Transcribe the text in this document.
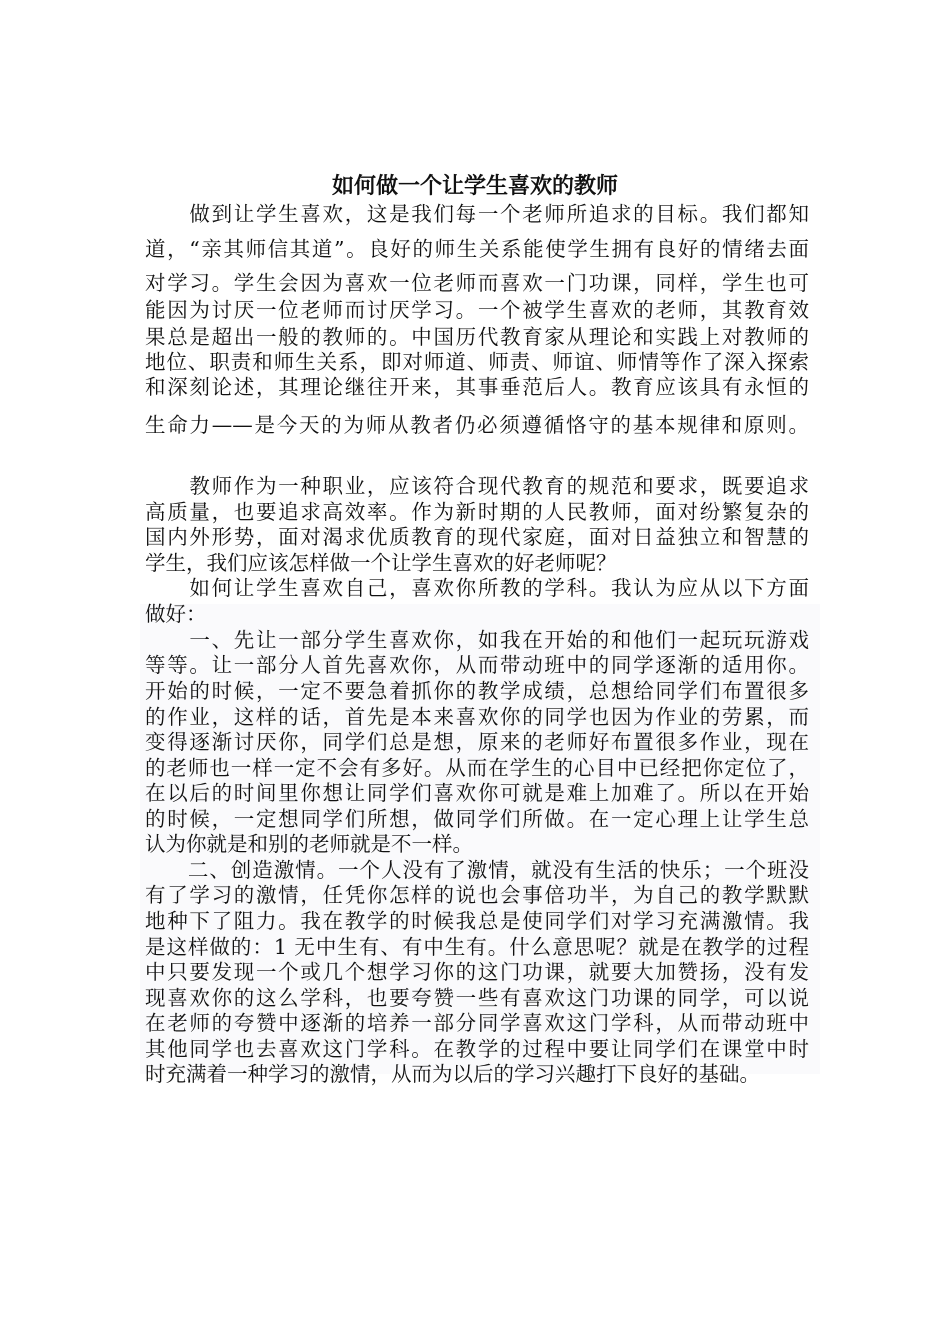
如何做一个让学生喜欢的教师
　　做到让学生喜欢，这是我们每一个老师所追求的目标。我们都知
道，“亲其师信其道”。良好的师生关系能使学生拥有良好的情绪去面
对学习。学生会因为喜欢一位老师而喜欢一门功课，同样，学生也可
能因为讨厌一位老师而讨厌学习。一个被学生喜欢的老师，其教育效
果总是超出一般的教师的。中国历代教育家从理论和实践上对教师的
地位、职责和师生关系，即对师道、师责、师谊、师情等作了深入探索
和深刻论述，其理论继往开来，其事垂范后人。教育应该具有永恒的
生命力——是今天的为师从教者仍必须遵循恪守的基本规律和原则。
　　教师作为一种职业，应该符合现代教育的规范和要求，既要追求
高质量，也要追求高效率。作为新时期的人民教师，面对纷繁复杂的
国内外形势，面对渴求优质教育的现代家庭，面对日益独立和智慧的
学生，我们应该怎样做一个让学生喜欢的好老师呢？
　　如何让学生喜欢自己，喜欢你所教的学科。我认为应从以下方面
做好：
　　一、先让一部分学生喜欢你，如我在开始的和他们一起玩玩游戏
等等。让一部分人首先喜欢你，从而带动班中的同学逐渐的适用你。
开始的时候，一定不要急着抓你的教学成绩，总想给同学们布置很多
的作业，这样的话，首先是本来喜欢你的同学也因为作业的劳累，而
变得逐渐讨厌你，同学们总是想，原来的老师好布置很多作业，现在
的老师也一样一定不会有多好。从而在学生的心目中已经把你定位了，
在以后的时间里你想让同学们喜欢你可就是难上加难了。所以在开始
的时候，一定想同学们所想，做同学们所做。在一定心理上让学生总
认为你就是和别的老师就是不一样。
　　二、创造激情。一个人没有了激情，就没有生活的快乐；一个班没
有了学习的激情，任凭你怎样的说也会事倍功半，为自己的教学默默
地种下了阻力。我在教学的时候我总是使同学们对学习充满激情。我
是这样做的：1 无中生有、有中生有。什么意思呢？就是在教学的过程
中只要发现一个或几个想学习你的这门功课，就要大加赞扬，没有发
现喜欢你的这么学科，也要夸赞一些有喜欢这门功课的同学，可以说
在老师的夸赞中逐渐的培养一部分同学喜欢这门学科，从而带动班中
其他同学也去喜欢这门学科。在教学的过程中要让同学们在课堂中时
时充满着一种学习的激情，从而为以后的学习兴趣打下良好的基础。
